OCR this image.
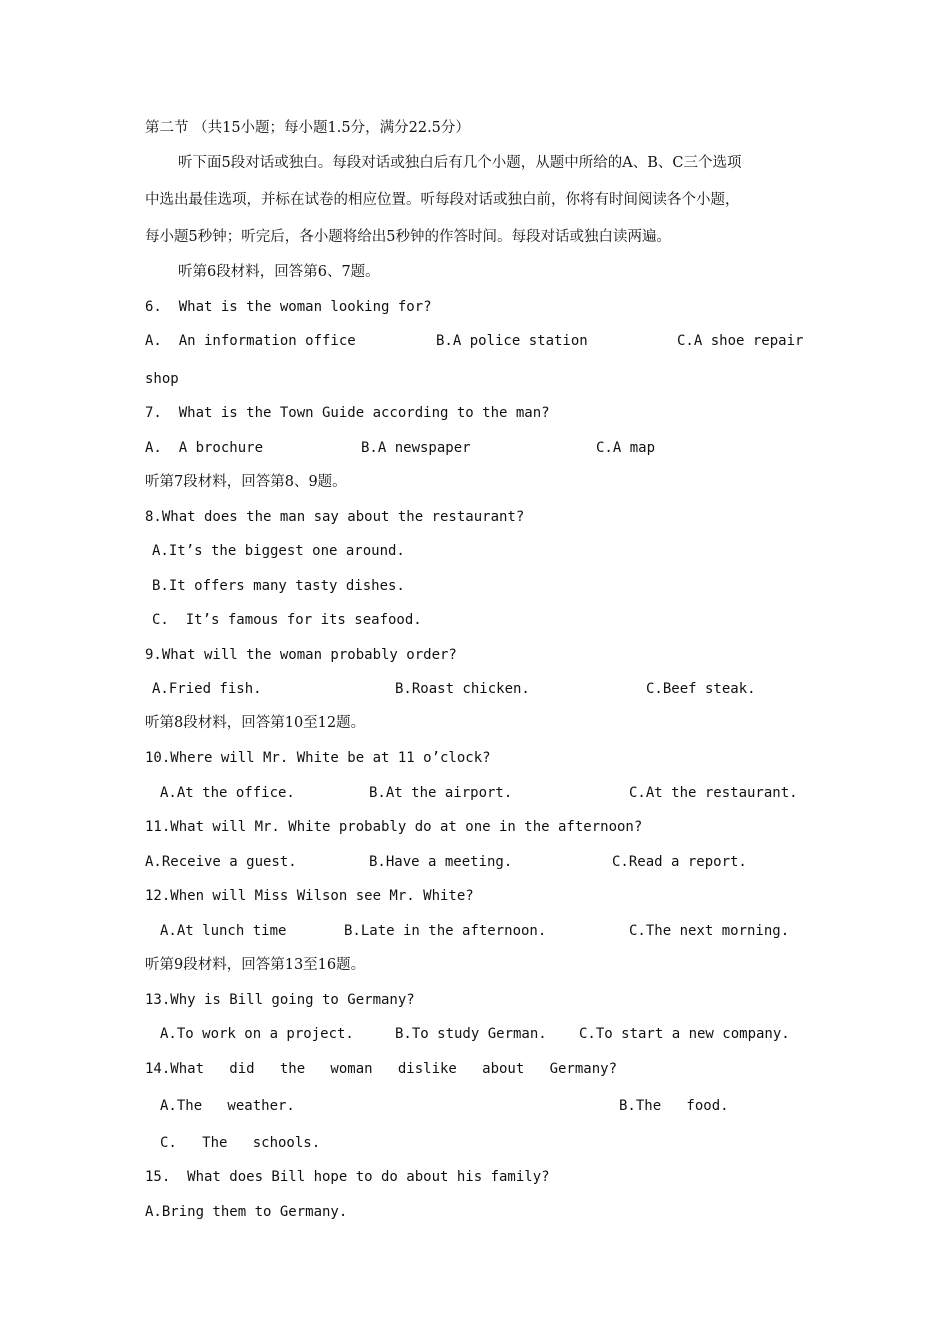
第二节 （共15小题；每小题1.5分，满分22.5分）
听下面5段对话或独白。每段对话或独白后有几个小题，从题中所给的A、B、C三个选项
中选出最佳选项，并标在试卷的相应位置。听每段对话或独白前，你将有时间阅读各个小题，
每小题5秒钟；听完后，各小题将给出5秒钟的作答时间。每段对话或独白读两遍。
听第6段材料，回答第6、7题。
6.  What is the woman looking for?
A.  An information office	B.A police station	C.A shoe repair
shop
7.  What is the Town Guide according to the man?
A.  A brochure	B.A newspaper	C.A map
听第7段材料，回答第8、9题。
8.What does the man say about the restaurant?
A.It’s the biggest one around.
B.It offers many tasty dishes.
C.  It’s famous for its seafood.
9.What will the woman probably order?
A.Fried fish.	B.Roast chicken.	C.Beef steak.
听第8段材料，回答第10至12题。
10.Where will Mr. White be at 11 o’clock?
A.At the office.	B.At the airport.	C.At the restaurant.
11.What will Mr. White probably do at one in the afternoon?
A.Receive a guest.	B.Have a meeting.	C.Read a report.
12.When will Miss Wilson see Mr. White?
A.At lunch time	B.Late in the afternoon.	C.The next morning.
听第9段材料，回答第13至16题。
13.Why is Bill going to Germany?
A.To work on a project.	B.To study German. C.To start a new company.
14.What   did   the   woman   dislike   about   Germany?
A.The   weather.	B.The   food.
C.   The   schools.
15.  What does Bill hope to do about his family?
A.Bring them to Germany.
